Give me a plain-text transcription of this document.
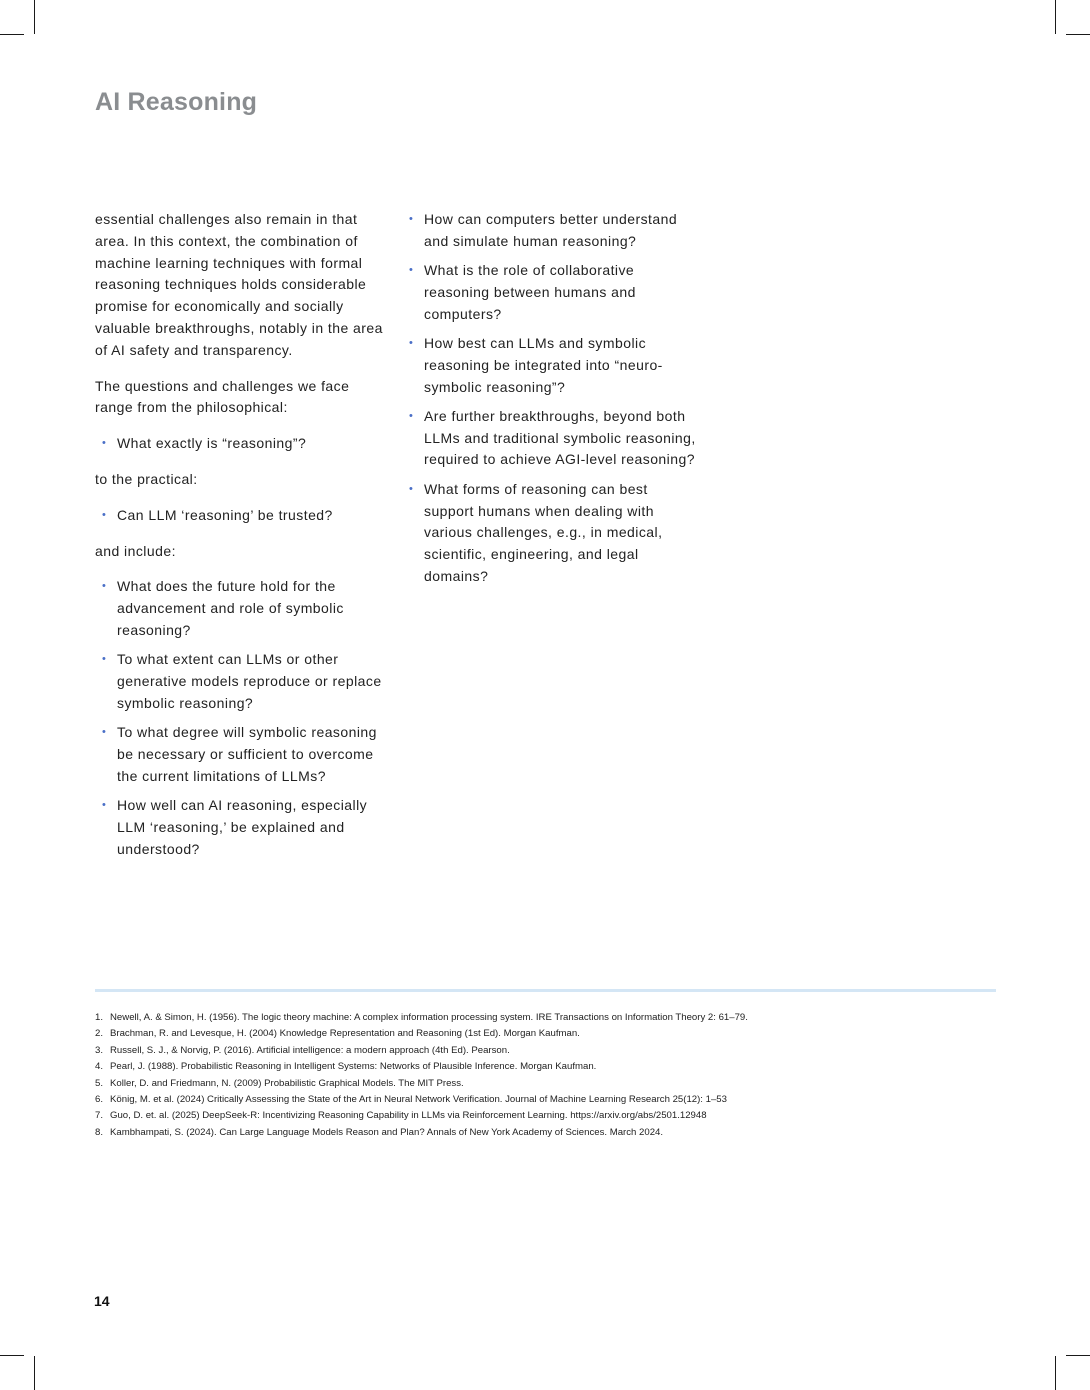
AI Reasoning

essential challenges also remain in that area. In this context, the combination of machine learning techniques with formal reasoning techniques holds considerable promise for economically and socially valuable breakthroughs, notably in the area of AI safety and transparency.

The questions and challenges we face range from the philosophical:

• What exactly is “reasoning”?

to the practical:

• Can LLM ‘reasoning’ be trusted?

and include:

• What does the future hold for the advancement and role of symbolic reasoning?
• To what extent can LLMs or other generative models reproduce or replace symbolic reasoning?
• To what degree will symbolic reasoning be necessary or sufficient to overcome the current limitations of LLMs?
• How well can AI reasoning, especially LLM ‘reasoning,’ be explained and understood?
• How can computers better understand and simulate human reasoning?
• What is the role of collaborative reasoning between humans and computers?
• How best can LLMs and symbolic reasoning be integrated into “neuro-symbolic reasoning”?
• Are further breakthroughs, beyond both LLMs and traditional symbolic reasoning, required to achieve AGI-level reasoning?
• What forms of reasoning can best support humans when dealing with various challenges, e.g., in medical, scientific, engineering, and legal domains?
1. Newell, A. & Simon, H. (1956). The logic theory machine: A complex information processing system. IRE Transactions on Information Theory 2: 61–79.
2. Brachman, R. and Levesque, H. (2004) Knowledge Representation and Reasoning (1st Ed). Morgan Kaufman.
3. Russell, S. J., & Norvig, P. (2016). Artificial intelligence: a modern approach (4th Ed). Pearson.
4. Pearl, J. (1988). Probabilistic Reasoning in Intelligent Systems: Networks of Plausible Inference. Morgan Kaufman.
5. Koller, D. and Friedmann, N. (2009) Probabilistic Graphical Models. The MIT Press.
6. König, M. et al. (2024) Critically Assessing the State of the Art in Neural Network Verification. Journal of Machine Learning Research 25(12): 1–53
7. Guo, D. et. al. (2025) DeepSeek-R: Incentivizing Reasoning Capability in LLMs via Reinforcement Learning. https://arxiv.org/abs/2501.12948
8. Kambhampati, S. (2024). Can Large Language Models Reason and Plan? Annals of New York Academy of Sciences. March 2024.
14
